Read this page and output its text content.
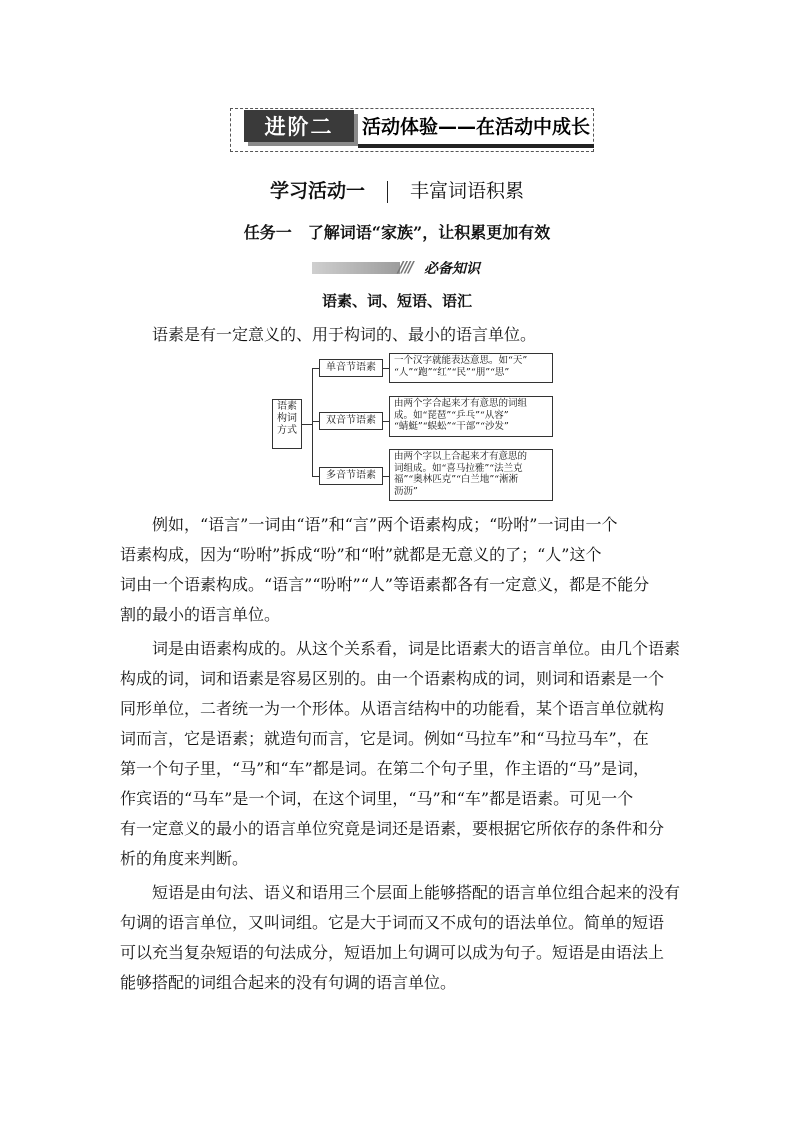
进阶二	活动体验——在活动中成长
学习活动一 丰富词语积累
任务一　了解词语“家族”，让积累更加有效
//// 必备知识
语素、词、短语、语汇
语素是有一定意义的、用于构词的、最小的语言单位。
语素
构词
方式
单音节语素
双音节语素
多音节语素
一个汉字就能表达意思。如“天”
“人”“跑”“红”“民”“朋”“思”
由两个字合起来才有意思的词组
成。如“琵琶”“乒乓”“从容”
“蜻蜓”“蜈蚣”“干部”“沙发”
由两个字以上合起来才有意思的
词组成。如“喜马拉雅”“法兰克
福”“奥林匹克”“白兰地”“淅淅
沥沥”
　　例如，“语言”一词由“语”和“言”两个语素构成；“吩咐”一词由一个
语素构成，因为“吩咐”拆成“吩”和“咐”就都是无意义的了；“人”这个
词由一个语素构成。“语言”“吩咐”“人”等语素都各有一定意义，都是不能分
割的最小的语言单位。
　　词是由语素构成的。从这个关系看，词是比语素大的语言单位。由几个语素
构成的词，词和语素是容易区别的。由一个语素构成的词，则词和语素是一个
同形单位，二者统一为一个形体。从语言结构中的功能看，某个语言单位就构
词而言，它是语素；就造句而言，它是词。例如“马拉车”和“马拉马车”，在
第一个句子里，“马”和“车”都是词。在第二个句子里，作主语的“马”是词，
作宾语的“马车”是一个词，在这个词里，“马”和“车”都是语素。可见一个
有一定意义的最小的语言单位究竟是词还是语素，要根据它所依存的条件和分
析的角度来判断。
　　短语是由句法、语义和语用三个层面上能够搭配的语言单位组合起来的没有
句调的语言单位，又叫词组。它是大于词而又不成句的语法单位。简单的短语
可以充当复杂短语的句法成分，短语加上句调可以成为句子。短语是由语法上
能够搭配的词组合起来的没有句调的语言单位。
